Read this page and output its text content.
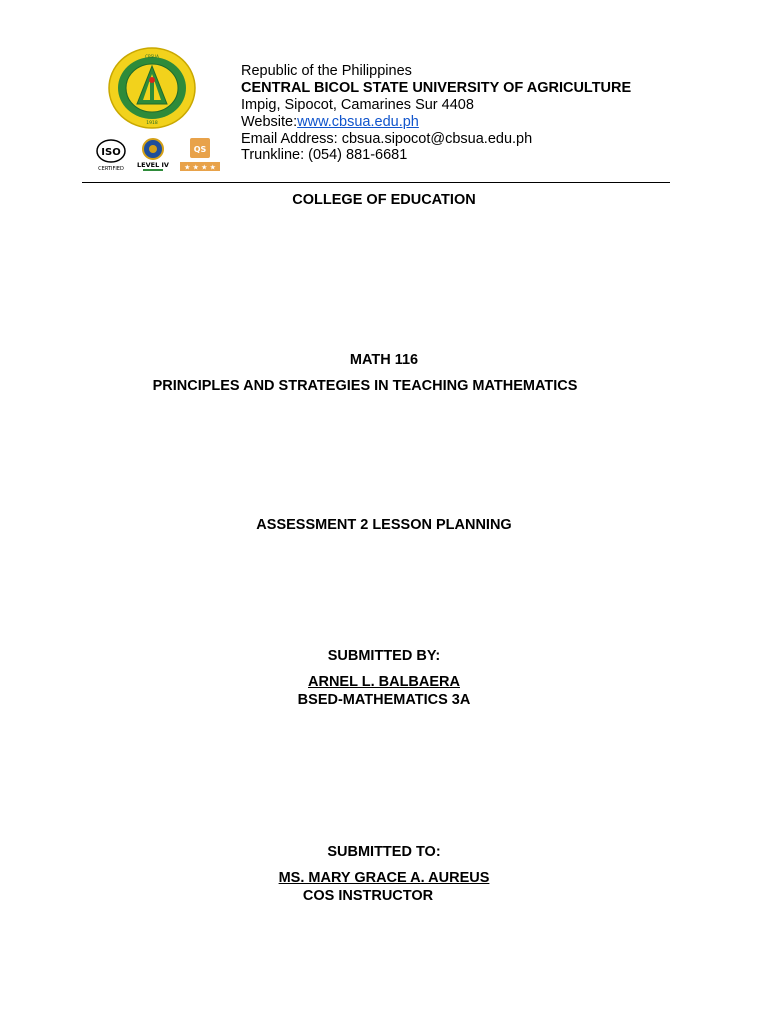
CBSUA
1918
ISO
CERTIFIED LEVEL IV
QS
★ ★ ★ ★
Republic of the Philippines
CENTRAL BICOL STATE UNIVERSITY OF AGRICULTURE
Impig, Sipocot, Camarines Sur 4408
Website:www.cbsua.edu.ph
Email Address: cbsua.sipocot@cbsua.edu.ph
Trunkline: (054) 881-6681
COLLEGE OF EDUCATION
MATH 116
PRINCIPLES AND STRATEGIES IN TEACHING MATHEMATICS
ASSESSMENT 2 LESSON PLANNING
SUBMITTED BY:
ARNEL L. BALBAERA
BSED-MATHEMATICS 3A
SUBMITTED TO:
MS. MARY GRACE A. AUREUS
COS INSTRUCTOR
